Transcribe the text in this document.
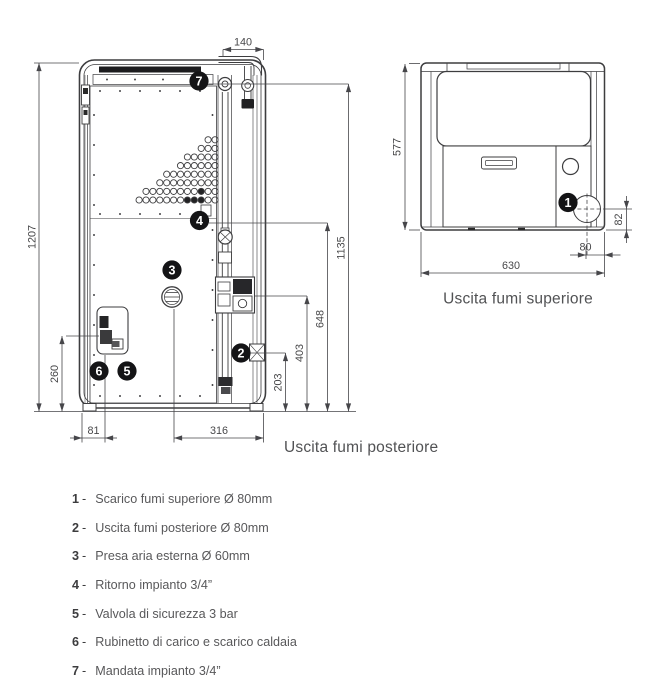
140
1207
260
81	316
203
403
648
1135
7
4
3
2
6 5
Uscita fumi posteriore
577
82
80
630
1
Uscita fumi superiore
1 - Scarico fumi superiore Ø 80mm
2 - Uscita fumi posteriore Ø 80mm
3 - Presa aria esterna Ø 60mm
4 - Ritorno impianto 3/4”
5 - Valvola di sicurezza 3 bar
6 - Rubinetto di carico e scarico caldaia
7 - Mandata impianto 3/4”
